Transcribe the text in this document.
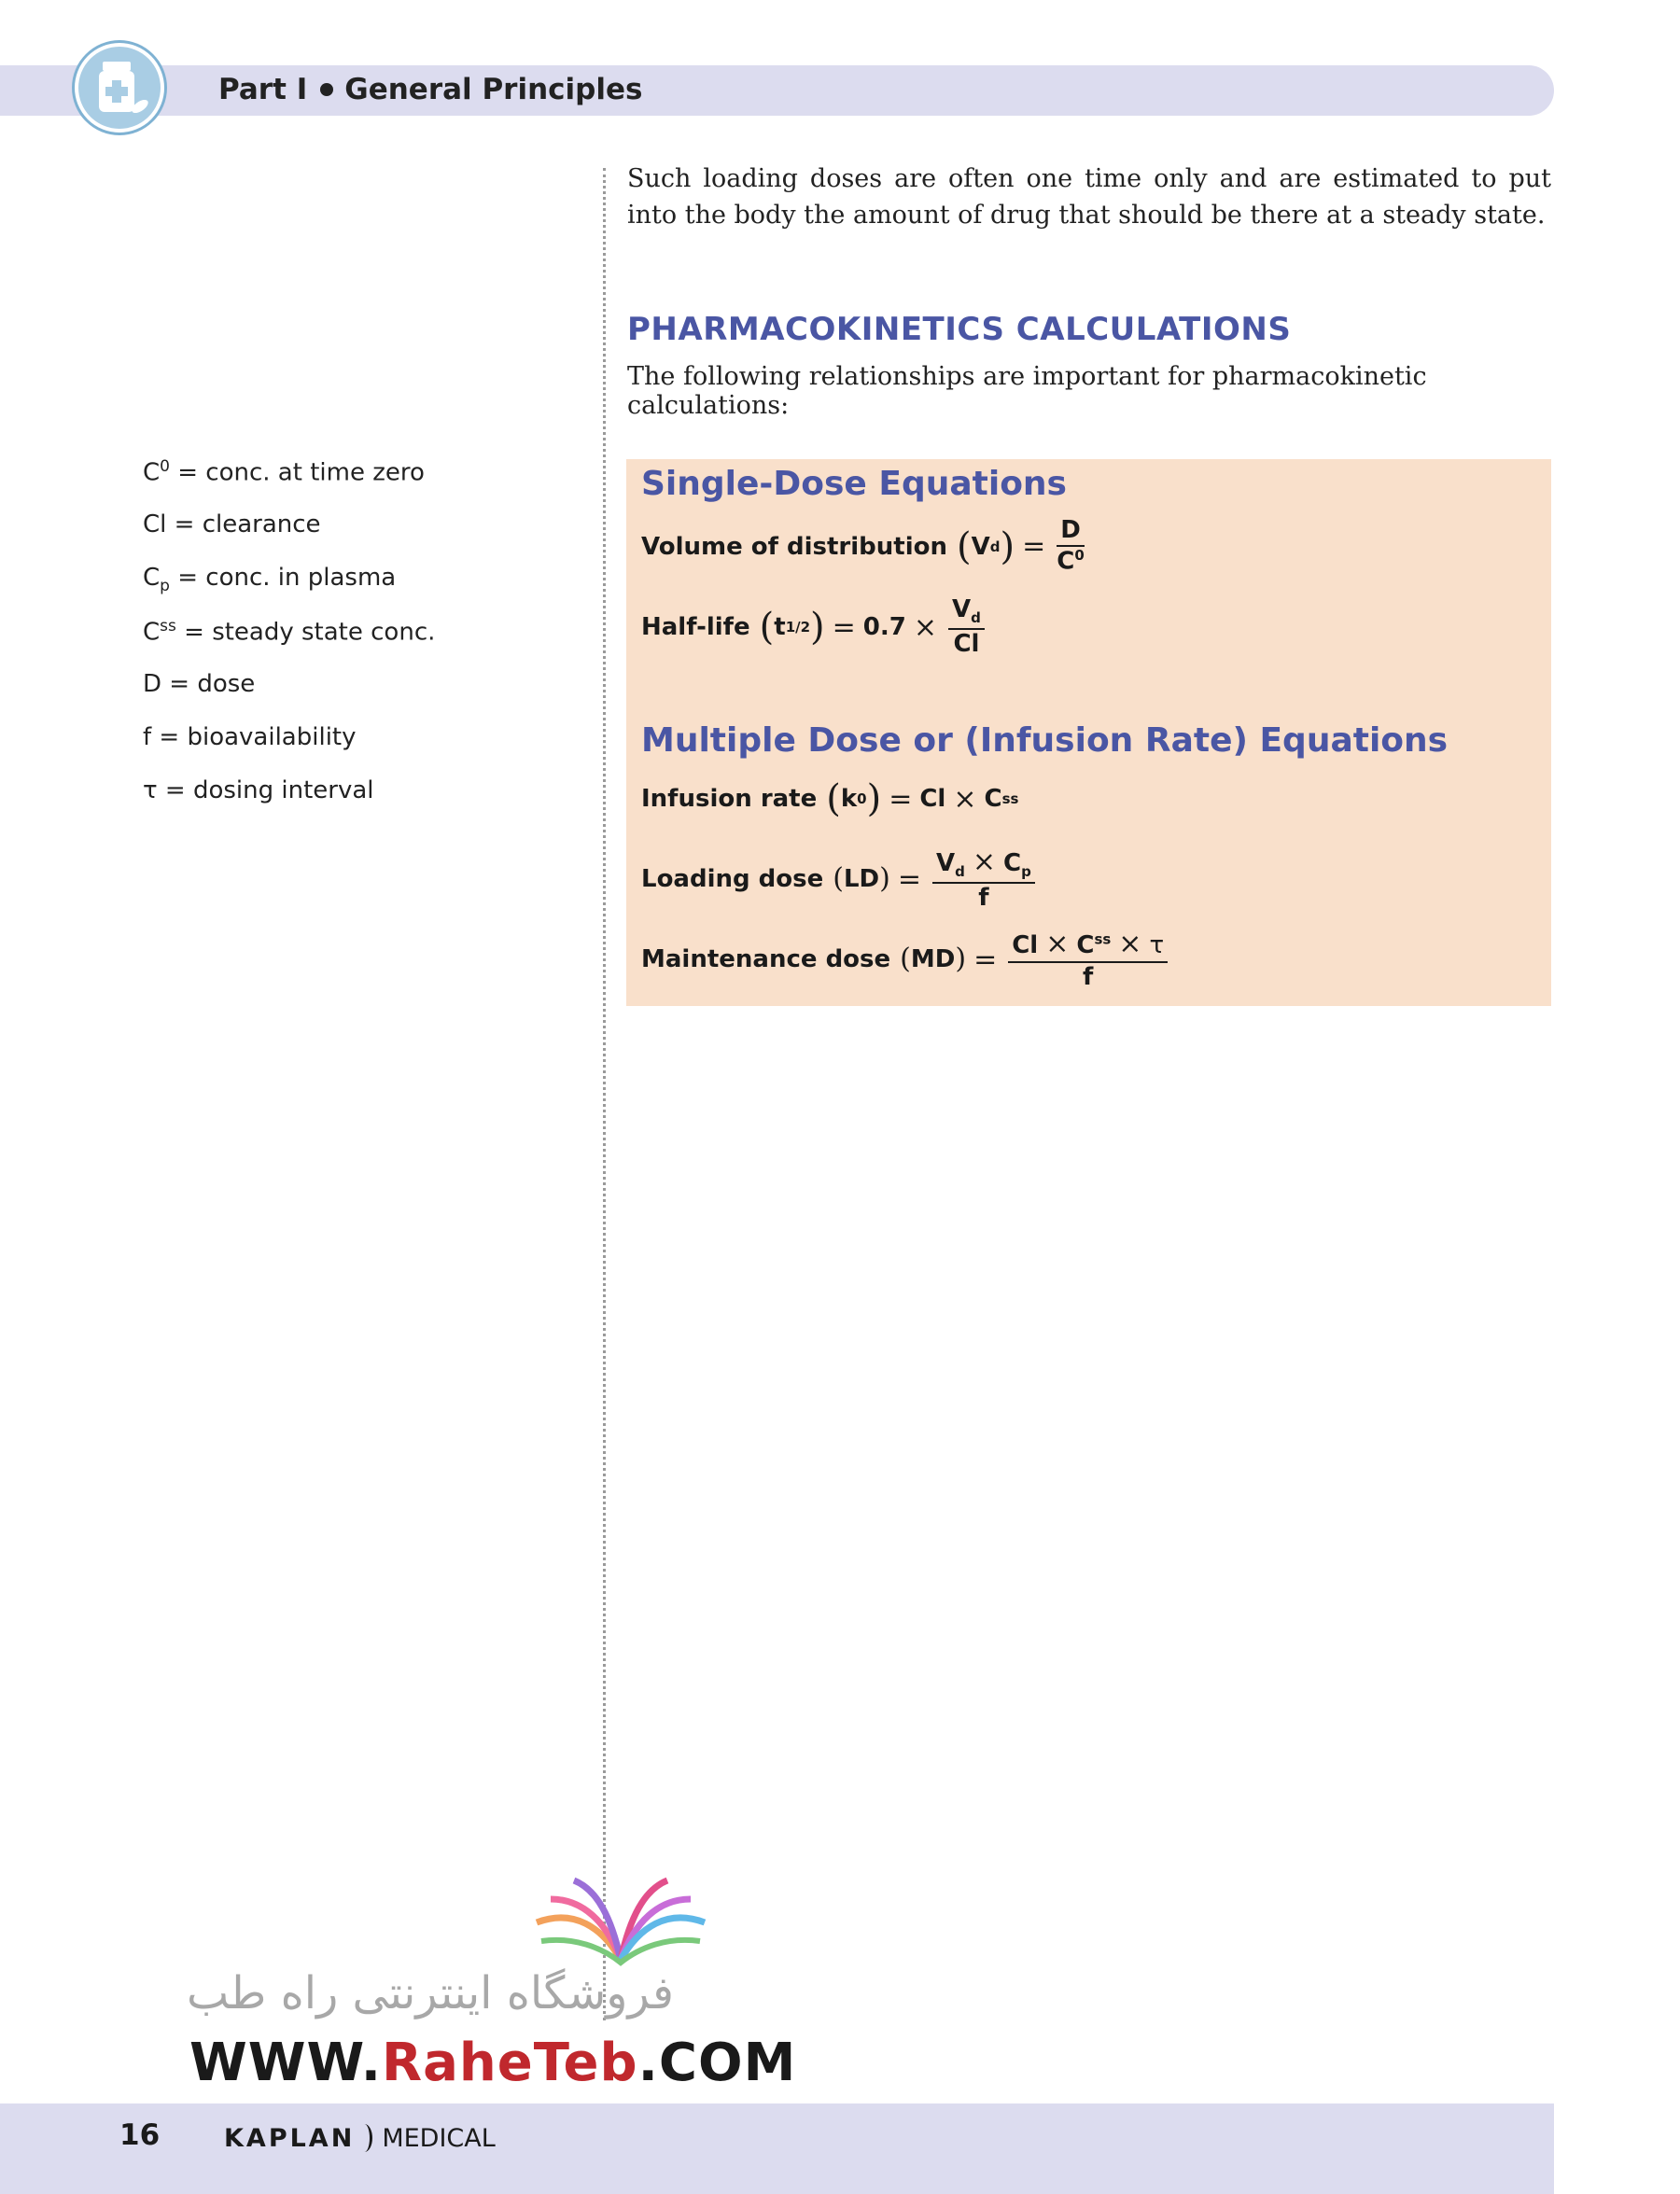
Part I General Principles
Such loading doses are often one time only and are estimated to put into the body the amount of drug that should be there at a steady state.
PHARMACOKINETICS CALCULATIONS
The following relationships are important for pharmacokinetic calculations:
$C^0$ = conc. at time zero
Cl = clearance
$C_p$ = conc. in plasma
$C^{ss}$ = steady state conc.
D = dose
f = bioavailability
τ = dosing interval
Single-Dose Equations
Volume of distribution ( V d ) = $\frac{D}{C^0}$
Half-life ( t 1/2 ) = $0.7 \times \frac{V_d}{Cl}$
Multiple Dose or (Infusion Rate) Equations
Infusion rate ( k 0 ) = Cl × C ss
Loading dose ( LD ) = $\frac{V_d \times C_p}{f}$
Maintenance dose ( MD ) = $\frac{Cl \times C^{ss} \times \tau}{f}$
فروشگاه اینترنتی راه طب
WWW.RaheTeb.COM
16	KAPLAN MEDICAL
